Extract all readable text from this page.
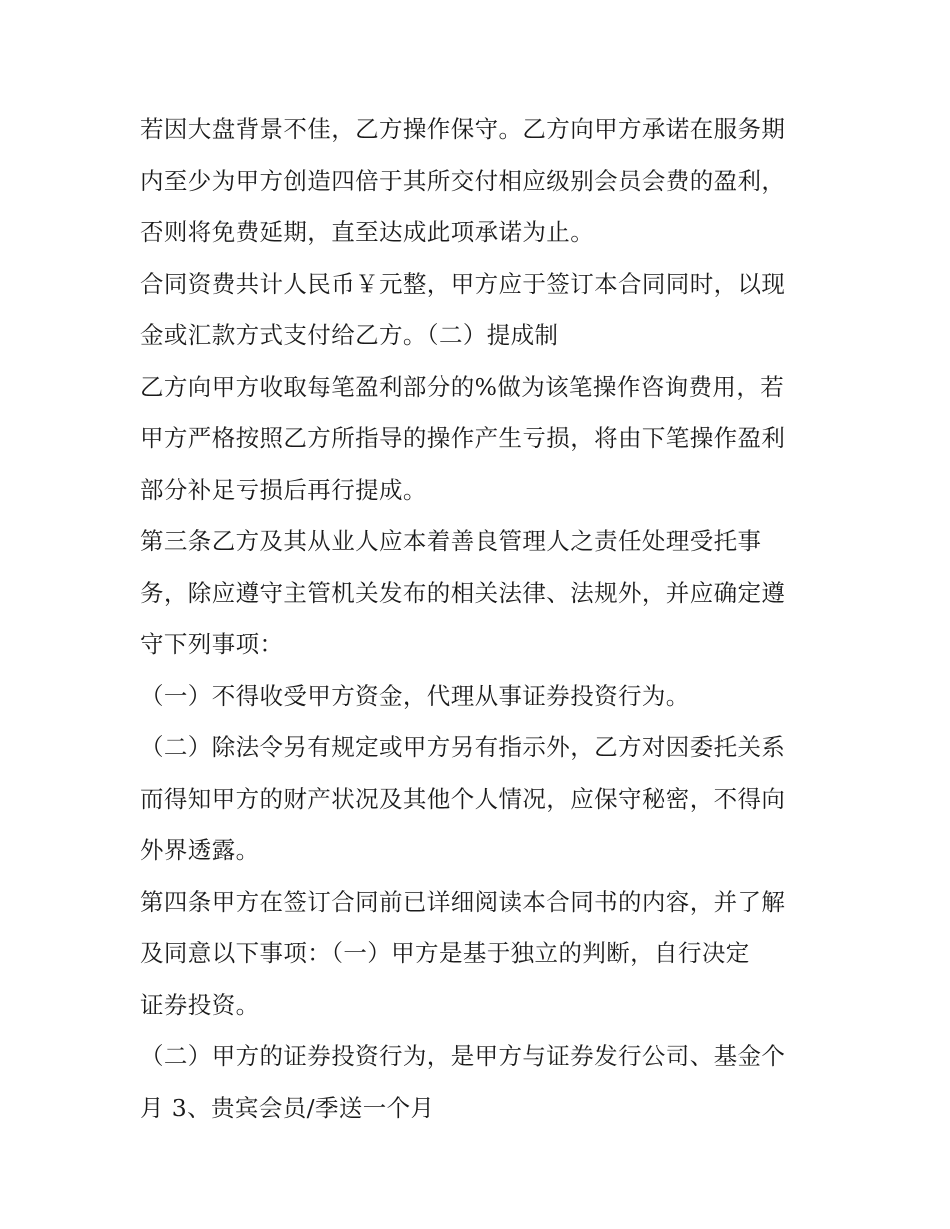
若因大盘背景不佳，乙方操作保守。乙方向甲方承诺在服务期
内至少为甲方创造四倍于其所交付相应级别会员会费的盈利，
否则将免费延期，直至达成此项承诺为止。
合同资费共计人民币￥元整，甲方应于签订本合同同时，以现
金或汇款方式支付给乙方。（二）提成制
乙方向甲方收取每笔盈利部分的%做为该笔操作咨询费用，若
甲方严格按照乙方所指导的操作产生亏损，将由下笔操作盈利
部分补足亏损后再行提成。
第三条乙方及其从业人应本着善良管理人之责任处理受托事
务，除应遵守主管机关发布的相关法律、法规外，并应确定遵
守下列事项：
（一）不得收受甲方资金，代理从事证券投资行为。
（二）除法令另有规定或甲方另有指示外，乙方对因委托关系
而得知甲方的财产状况及其他个人情况，应保守秘密，不得向
外界透露。
第四条甲方在签订合同前已详细阅读本合同书的内容，并了解
及同意以下事项：（一）甲方是基于独立的判断，自行决定
证券投资。
（二）甲方的证券投资行为，是甲方与证券发行公司、基金个
月 3、贵宾会员/季送一个月
